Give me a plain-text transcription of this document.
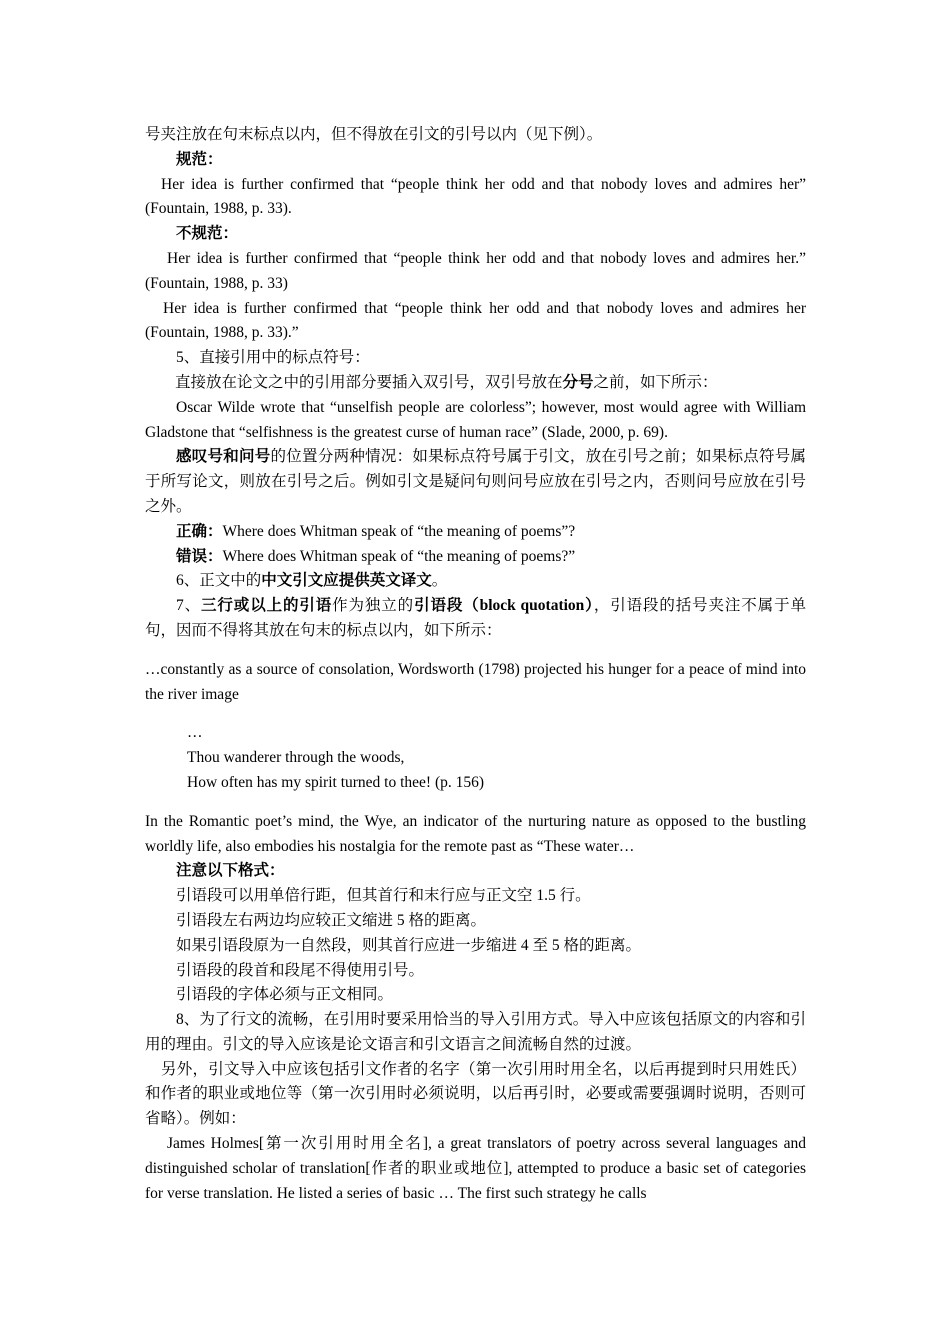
号夹注放在句末标点以内，但不得放在引文的引号以内（见下例）。

规范：

Her idea is further confirmed that “people think her odd and that nobody loves and admires her” (Fountain, 1988, p. 33).

不规范：

Her idea is further confirmed that “people think her odd and that nobody loves and admires her.” (Fountain, 1988, p. 33)

Her idea is further confirmed that “people think her odd and that nobody loves and admires her (Fountain, 1988, p. 33).”

5、直接引用中的标点符号：

直接放在论文之中的引用部分要插入双引号，双引号放在分号之前，如下所示：

Oscar Wilde wrote that “unselfish people are colorless”; however, most would agree with William Gladstone that “selfishness is the greatest curse of human race” (Slade, 2000, p. 69).

感叹号和问号的位置分两种情况：如果标点符号属于引文，放在引号之前；如果标点符号属于所写论文，则放在引号之后。例如引文是疑问句则问号应放在引号之内，否则问号应放在引号之外。

正确：Where does Whitman speak of “the meaning of poems”?

错误：Where does Whitman speak of “the meaning of poems?”

6、正文中的中文引文应提供英文译文。

7、三行或以上的引语作为独立的引语段（block quotation），引语段的括号夹注不属于单句，因而不得将其放在句末的标点以内，如下所示：

…constantly as a source of consolation, Wordsworth (1798) projected his hunger for a peace of mind into the river image

…

Thou wanderer through the woods,

How often has my spirit turned to thee! (p. 156)

In the Romantic poet’s mind, the Wye, an indicator of the nurturing nature as opposed to the bustling worldly life, also embodies his nostalgia for the remote past as “These water…

注意以下格式：

引语段可以用单倍行距，但其首行和末行应与正文空 1.5 行。

引语段左右两边均应较正文缩进 5 格的距离。

如果引语段原为一自然段，则其首行应进一步缩进 4 至 5 格的距离。

引语段的段首和段尾不得使用引号。

引语段的字体必须与正文相同。

8、为了行文的流畅，在引用时要采用恰当的导入引用方式。导入中应该包括原文的内容和引用的理由。引文的导入应该是论文语言和引文语言之间流畅自然的过渡。

另外，引文导入中应该包括引文作者的名字（第一次引用时用全名，以后再提到时只用姓氏）和作者的职业或地位等（第一次引用时必须说明，以后再引时，必要或需要强调时说明，否则可省略）。例如：

James Holmes[第一次引用时用全名], a great translators of poetry across several languages and distinguished scholar of translation[作者的职业或地位], attempted to produce a basic set of categories for verse translation. He listed a series of basic … The first such strategy he calls
